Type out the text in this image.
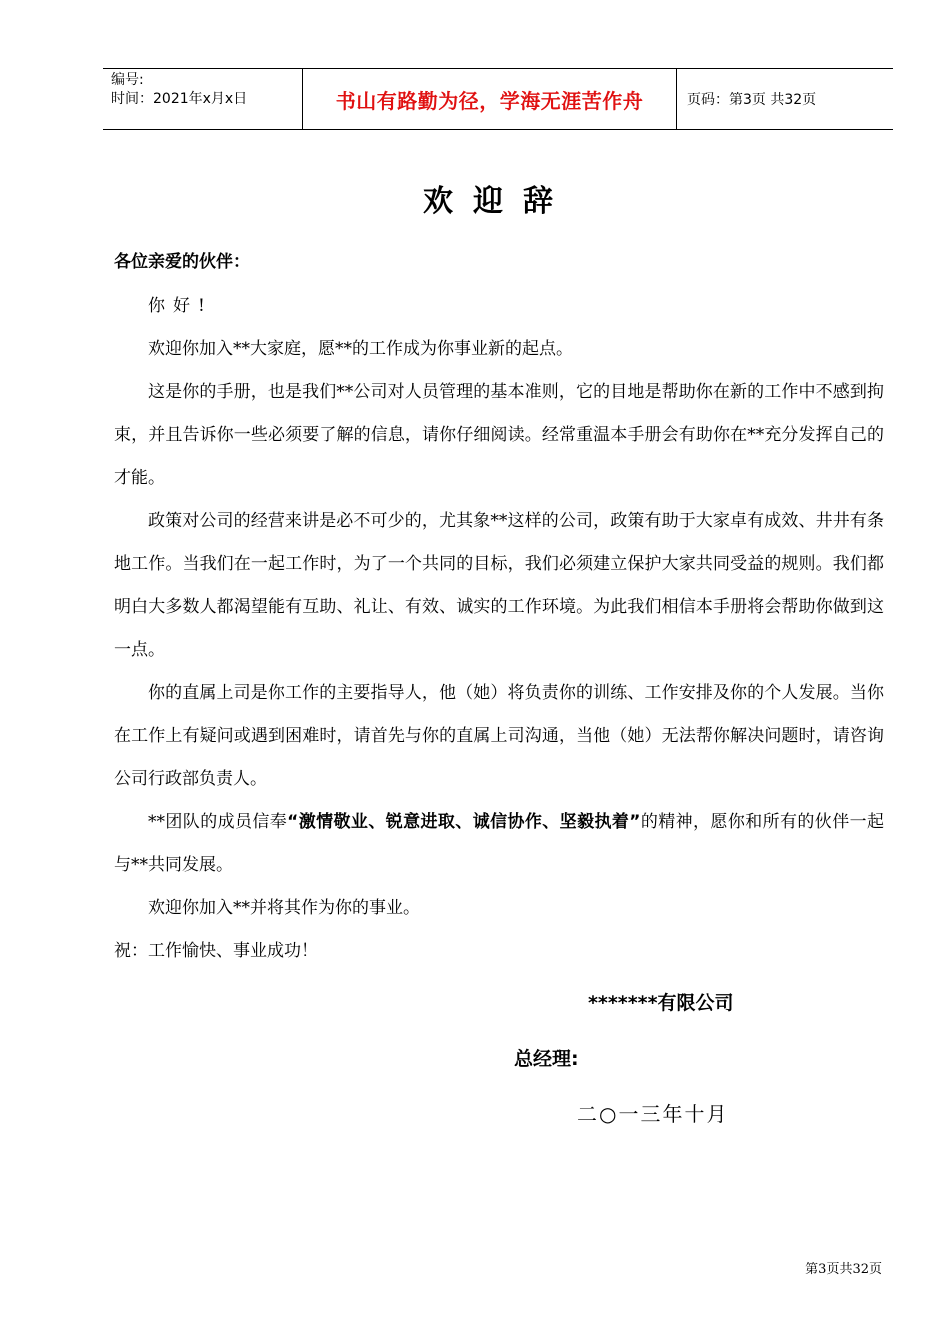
编号:
时间：2021年x月x日	书山有路勤为径，学海无涯苦作舟	页码：第3页 共32页
欢迎辞
各位亲爱的伙伴：

你好!

欢迎你加入**大家庭，愿**的工作成为你事业新的起点。

这是你的手册，也是我们**公司对人员管理的基本准则，它的目地是帮助你在新的工作中不感到拘束，并且告诉你一些必须要了解的信息，请你仔细阅读。经常重温本手册会有助你在**充分发挥自己的才能。

政策对公司的经营来讲是必不可少的，尤其象**这样的公司，政策有助于大家卓有成效、井井有条地工作。当我们在一起工作时，为了一个共同的目标，我们必须建立保护大家共同受益的规则。我们都明白大多数人都渴望能有互助、礼让、有效、诚实的工作环境。为此我们相信本手册将会帮助你做到这一点。

你的直属上司是你工作的主要指导人，他（她）将负责你的训练、工作安排及你的个人发展。当你在工作上有疑问或遇到困难时，请首先与你的直属上司沟通，当他（她）无法帮你解决问题时，请咨询公司行政部负责人。

**团队的成员信奉“激情敬业、锐意进取、诚信协作、坚毅执着”的精神，愿你和所有的伙伴一起与**共同发展。

欢迎你加入**并将其作为你的事业。

祝：工作愉快、事业成功！

*******有限公司
总经理:
二○一三年十月
第3页共32页
